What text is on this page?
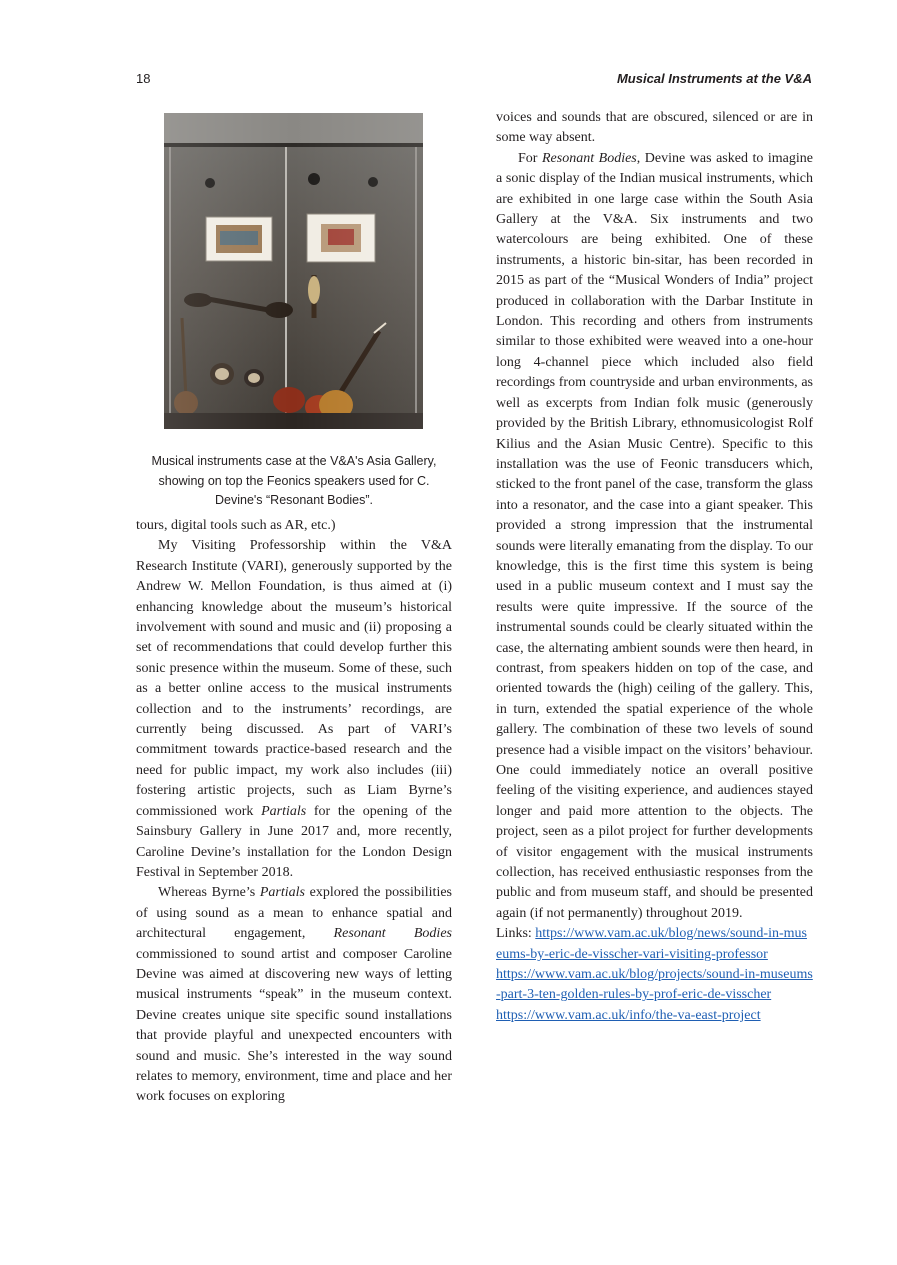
18	Musical Instruments at the V&A
Musical instruments case at the V&A's Asia Gallery, showing on top the Feonics speakers used for C. Devine's “Resonant Bodies”.

tours, digital tools such as AR, etc.)

My Visiting Professorship within the V&A Research Institute (VARI), generously supported by the Andrew W. Mellon Foundation, is thus aimed at (i) enhancing knowledge about the museum’s historical involvement with sound and music and (ii) proposing a set of recommendations that could develop further this sonic presence within the museum. Some of these, such as a better online access to the musical instruments collection and to the instruments’ recordings, are currently being discussed. As part of VARI’s commitment towards practice-based research and the need for public impact, my work also includes (iii) fostering artistic projects, such as Liam Byrne’s commissioned work Partials for the opening of the Sainsbury Gallery in June 2017 and, more recently, Caroline Devine’s installation for the London Design Festival in September 2018.

Whereas Byrne’s Partials explored the possibilities of using sound as a mean to enhance spatial and architectural engagement, Resonant Bodies commissioned to sound artist and composer Caroline Devine was aimed at discovering new ways of letting musical instruments “speak” in the museum context. Devine creates unique site specific sound installations that provide playful and unexpected encounters with sound and music. She’s interested in the way sound relates to memory, environment, time and place and her work focuses on exploring

voices and sounds that are obscured, silenced or are in some way absent.

For Resonant Bodies, Devine was asked to imagine a sonic display of the Indian musical instruments, which are exhibited in one large case within the South Asia Gallery at the V&A. Six instruments and two watercolours are being exhibited. One of these instruments, a historic bin-sitar, has been recorded in 2015 as part of the “Musical Wonders of India” project produced in collaboration with the Darbar Institute in London. This recording and others from instruments similar to those exhibited were weaved into a one-hour long 4-channel piece which included also field recordings from countryside and urban environments, as well as excerpts from Indian folk music (generously provided by the British Library, ethnomusicologist Rolf Kilius and the Asian Music Centre). Specific to this installation was the use of Feonic transducers which, sticked to the front panel of the case, transform the glass into a resonator, and the case into a giant speaker. This provided a strong impression that the instrumental sounds were literally emanating from the display. To our knowledge, this is the first time this system is being used in a public museum context and I must say the results were quite impressive. If the source of the instrumental sounds could be clearly situated within the case, the alternating ambient sounds were then heard, in contrast, from speakers hidden on top of the case, and oriented towards the (high) ceiling of the gallery. This, in turn, extended the spatial experience of the whole gallery. The combination of these two levels of sound presence had a visible impact on the visitors’ behaviour. One could immediately notice an overall positive feeling of the visiting experience, and audiences stayed longer and paid more attention to the objects. The project, seen as a pilot project for further developments of visitor engagement with the musical instruments collection, has received enthusiastic responses from the public and from museum staff, and should be presented again (if not permanently) throughout 2019.

Links: https://www.vam.ac.uk/blog/news/sound-in-museums-by-eric-de-visscher-vari-visiting-professor

https://www.vam.ac.uk/blog/projects/sound-in-museums-part-3-ten-golden-rules-by-prof-eric-de-visscher

https://www.vam.ac.uk/info/the-va-east-project
